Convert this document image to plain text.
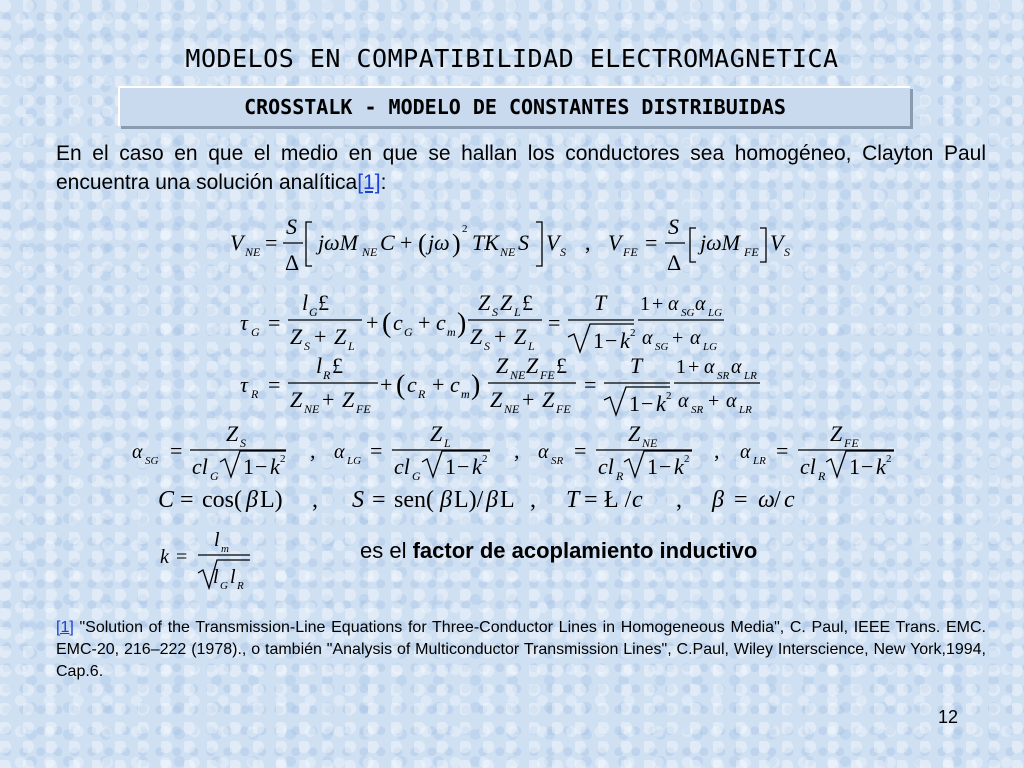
MODELOS EN COMPATIBILIDAD ELECTROMAGNETICA
CROSSTALK - MODELO DE CONSTANTES DISTRIBUIDAS
En el caso en que el medio en que se hallan los conductores sea homogéneo, Clayton Paul encuentra una solución analítica[1]:
V NE =
S
Δ
jωM NE C + ( jω ) 2
TK NE S V S , V FE =
S
Δ
jωM FE V S
τ G =
l G £
Z S + Z L
+ ( c G + c m )
Z S Z L £
Z S + Z L
=
T
1 − k 2
1 + α SG α LG
α SG + α LG
τ R =
l R £
Z NE + Z FE
+ ( c R + c m )
Z NE Z FE £
Z NE + Z FE
=
T
1 − k 2
1 + α SR α LR
α SR + α LR
α SG =
Z S
cl G 1 − k 2 , α LG =
Z L
cl G 1 − k 2 , α SR =
Z NE
cl R 1 − k 2 , α LR =
Z FE
cl R 1 − k 2
C = cos( β L) , S = sen( β L)/ β L , T = Ł / c , β = ω / c
k =
l m
l G l R
es el factor de acoplamiento inductivo
[1] "Solution of the Transmission-Line Equations for Three-Conductor Lines in Homogeneous Media", C. Paul, IEEE Trans. EMC. EMC-20, 216–222 (1978)., o también "Analysis of Multiconductor Transmission Lines", C.Paul, Wiley Interscience, New York,1994, Cap.6.
12
